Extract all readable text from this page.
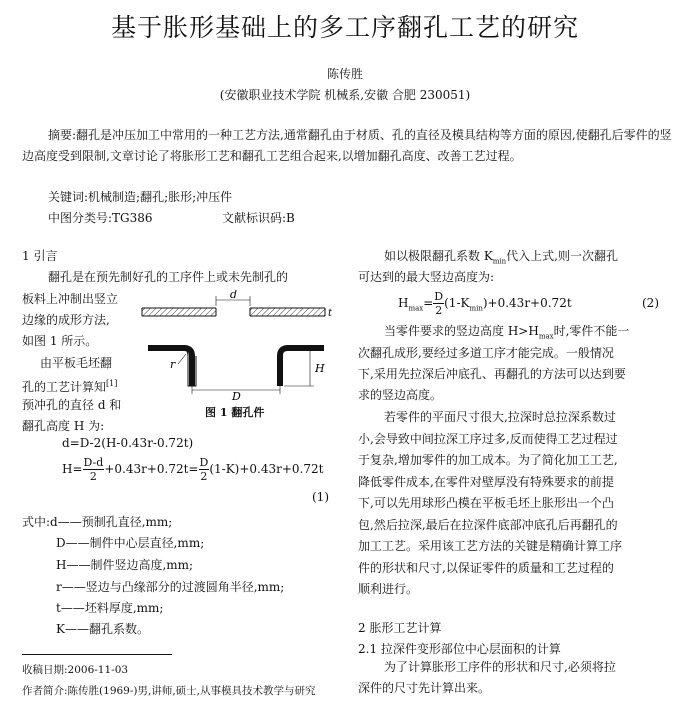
基于胀形基础上的多工序翻孔工艺的研究
陈传胜
(安徽职业技术学院 机械系,安徽 合肥 230051)
摘要:翻孔是冲压加工中常用的一种工艺方法,通常翻孔由于材质、孔的直径及模具结构等方面的原因,使翻孔后零件的竖边高度受到限制,文章讨论了将胀形工艺和翻孔工艺组合起来,以增加翻孔高度、改善工艺过程。
关键词:机械制造;翻孔;胀形;冲压件
中图分类号:TG386	文献标识码:B
1 引言
翻孔是在预先制好孔的工序件上或未先制孔的
板料上冲制出竖立
边缘的成形方法,
如图 1 所示。
由平板毛坯翻
孔的工艺计算知[1]
预冲孔的直径 d 和
翻孔高度 H 为:
d
t
D
r	H
图 1 翻孔件
d=D-2(H-0.43r-0.72t)
$H= \frac{D-d}{2} +0.43r+0.72t= \frac{D}{2} (1-K)+0.43r+0.72t$
(1)
式中:d——预制孔直径,mm;
D——制件中心层直径,mm;
H——制件竖边高度,mm;
r——竖边与凸缘部分的过渡圆角半径,mm;
t——坯料厚度,mm;
K——翻孔系数。
收稿日期:2006-11-03
作者简介:陈传胜(1969-)男,讲师,硕士,从事模具技术教学与研究
如以极限翻孔系数 $K_{min}$代入上式,则一次翻孔
可达到的最大竖边高度为:
$H_{max}= \frac{D}{2} (1-K_{min})+0.43r+0.72t$	(2)
当零件要求的竖边高度 $H>H_{max}$时,零件不能一
次翻孔成形,要经过多道工序才能完成。一般情况
下,采用先拉深后冲底孔、再翻孔的方法可以达到要
求的竖边高度。
若零件的平面尺寸很大,拉深时总拉深系数过
小,会导致中间拉深工序过多,反而使得工艺过程过
于复杂,增加零件的加工成本。为了简化加工工艺,
降低零件成本,在零件对壁厚没有特殊要求的前提
下,可以先用球形凸模在平板毛坯上胀形出一个凸
包,然后拉深,最后在拉深件底部冲底孔后再翻孔的
加工工艺。采用该工艺方法的关键是精确计算工序
件的形状和尺寸,以保证零件的质量和工艺过程的
顺利进行。
2 胀形工艺计算
2.1 拉深件变形部位中心层面积的计算
为了计算胀形工序件的形状和尺寸,必须将拉
深件的尺寸先计算出来。
